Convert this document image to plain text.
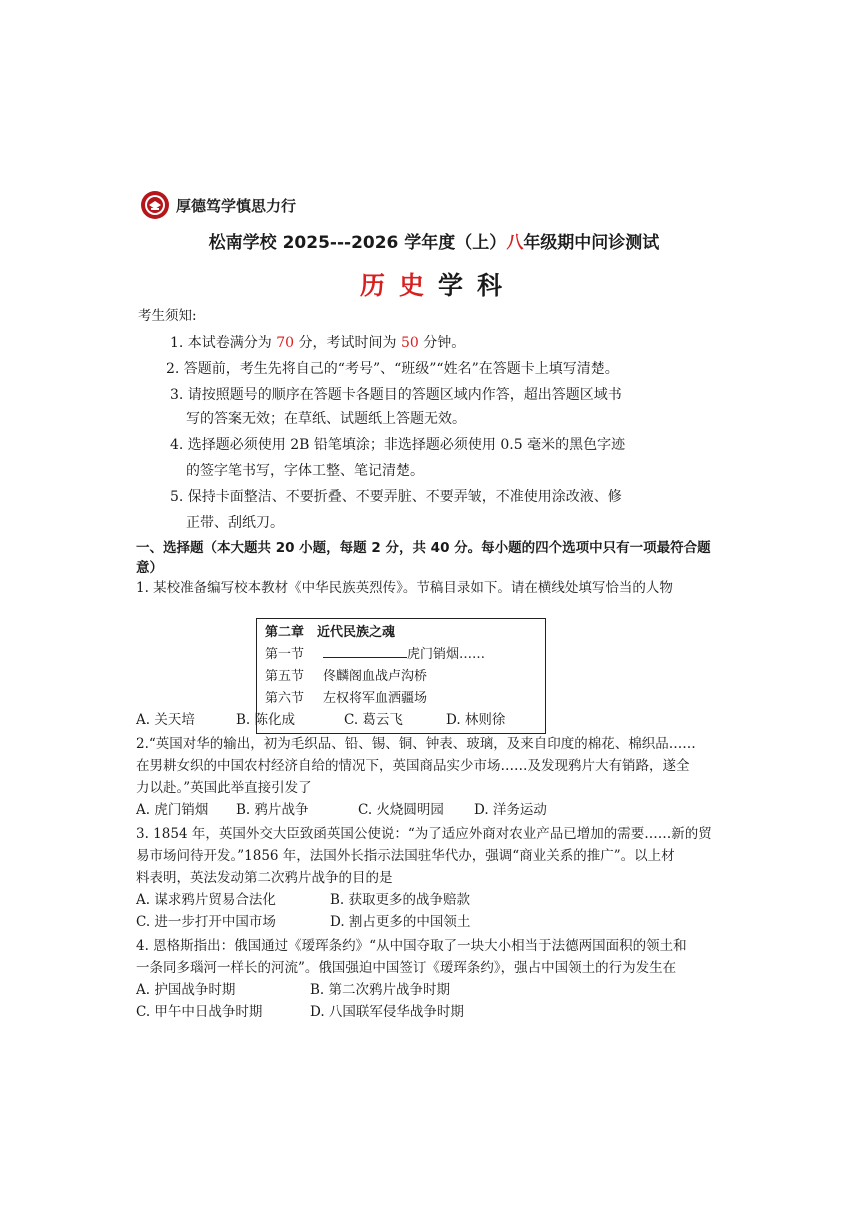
厚德笃学慎思力行
松南学校 2025---2026 学年度（上）八年级期中问诊测试
历 史 学 科
考生须知:
1. 本试卷满分为 70 分，考试时间为 50 分钟。
2. 答题前，考生先将自己的“考号”、“班级”“姓名”在答题卡上填写清楚。
3. 请按照题号的顺序在答题卡各题目的答题区域内作答，超出答题区域书
写的答案无效；在草纸、试题纸上答题无效。
4. 选择题必须使用 2B 铅笔填涂；非选择题必须使用 0.5 毫米的黑色字迹
的签字笔书写，字体工整、笔记清楚。
5. 保持卡面整洁、不要折叠、不要弄脏、不要弄皱，不准使用涂改液、修
正带、刮纸刀。
一、选择题（本大题共 20 小题，每题 2 分，共 40 分。每小题的四个选项中只有一项最符合题
意）
1. 某校准备编写校本教材《中华民族英烈传》。节稿目录如下。请在横线处填写恰当的人物
第二章　近代民族之魂
第一节	虎门销烟……
第五节 佟麟阁血战卢沟桥
第六节 左权将军血洒疆场
A. 关天培	B. 陈化成	C. 葛云飞	D. 林则徐
2.“英国对华的输出，初为毛织品、铅、锡、铜、钟表、玻璃，及来自印度的棉花、棉织品……
在男耕女织的中国农村经济自给的情况下，英国商品实少市场……及发现鸦片大有销路，遂全
力以赴。”英国此举直接引发了
A. 虎门销烟 B. 鸦片战争	C. 火烧圆明园 D. 洋务运动
3. 1854 年，英国外交大臣致函英国公使说：“为了适应外商对农业产品已增加的需要……新的贸
易市场问待开发。”1856 年，法国外长指示法国驻华代办，强调“商业关系的推广”。以上材
料表明，英法发动第二次鸦片战争的目的是
A. 谋求鸦片贸易合法化	B. 获取更多的战争赔款
C. 进一步打开中国市场	D. 割占更多的中国领土
4. 恩格斯指出：俄国通过《瑷珲条约》“从中国夺取了一块大小相当于法德两国面积的领土和
一条同多瑙河一样长的河流”。俄国强迫中国签订《瑷珲条约》，强占中国领土的行为发生在
A. 护国战争时期	B. 第二次鸦片战争时期
C. 甲午中日战争时期	D. 八国联军侵华战争时期
